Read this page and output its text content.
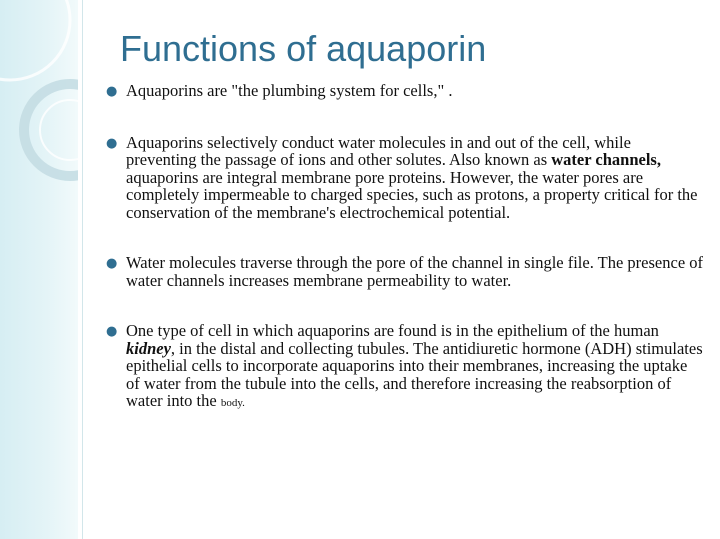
Functions of aquaporin
● Aquaporins are "the plumbing system for cells," .
● Aquaporins selectively conduct water molecules in and out of the cell, while preventing the passage of ions and other solutes. Also known as water channels, aquaporins are integral membrane pore proteins. However, the water pores are completely impermeable to charged species, such as protons, a property critical for the conservation of the membrane's electrochemical potential.
● Water molecules traverse through the pore of the channel in single file. The presence of water channels increases membrane permeability to water.
● One type of cell in which aquaporins are found is in the epithelium of the human kidney, in the distal and collecting tubules. The antidiuretic hormone (ADH) stimulates epithelial cells to incorporate aquaporins into their membranes, increasing the uptake of water from the tubule into the cells, and therefore increasing the reabsorption of water into the body.
